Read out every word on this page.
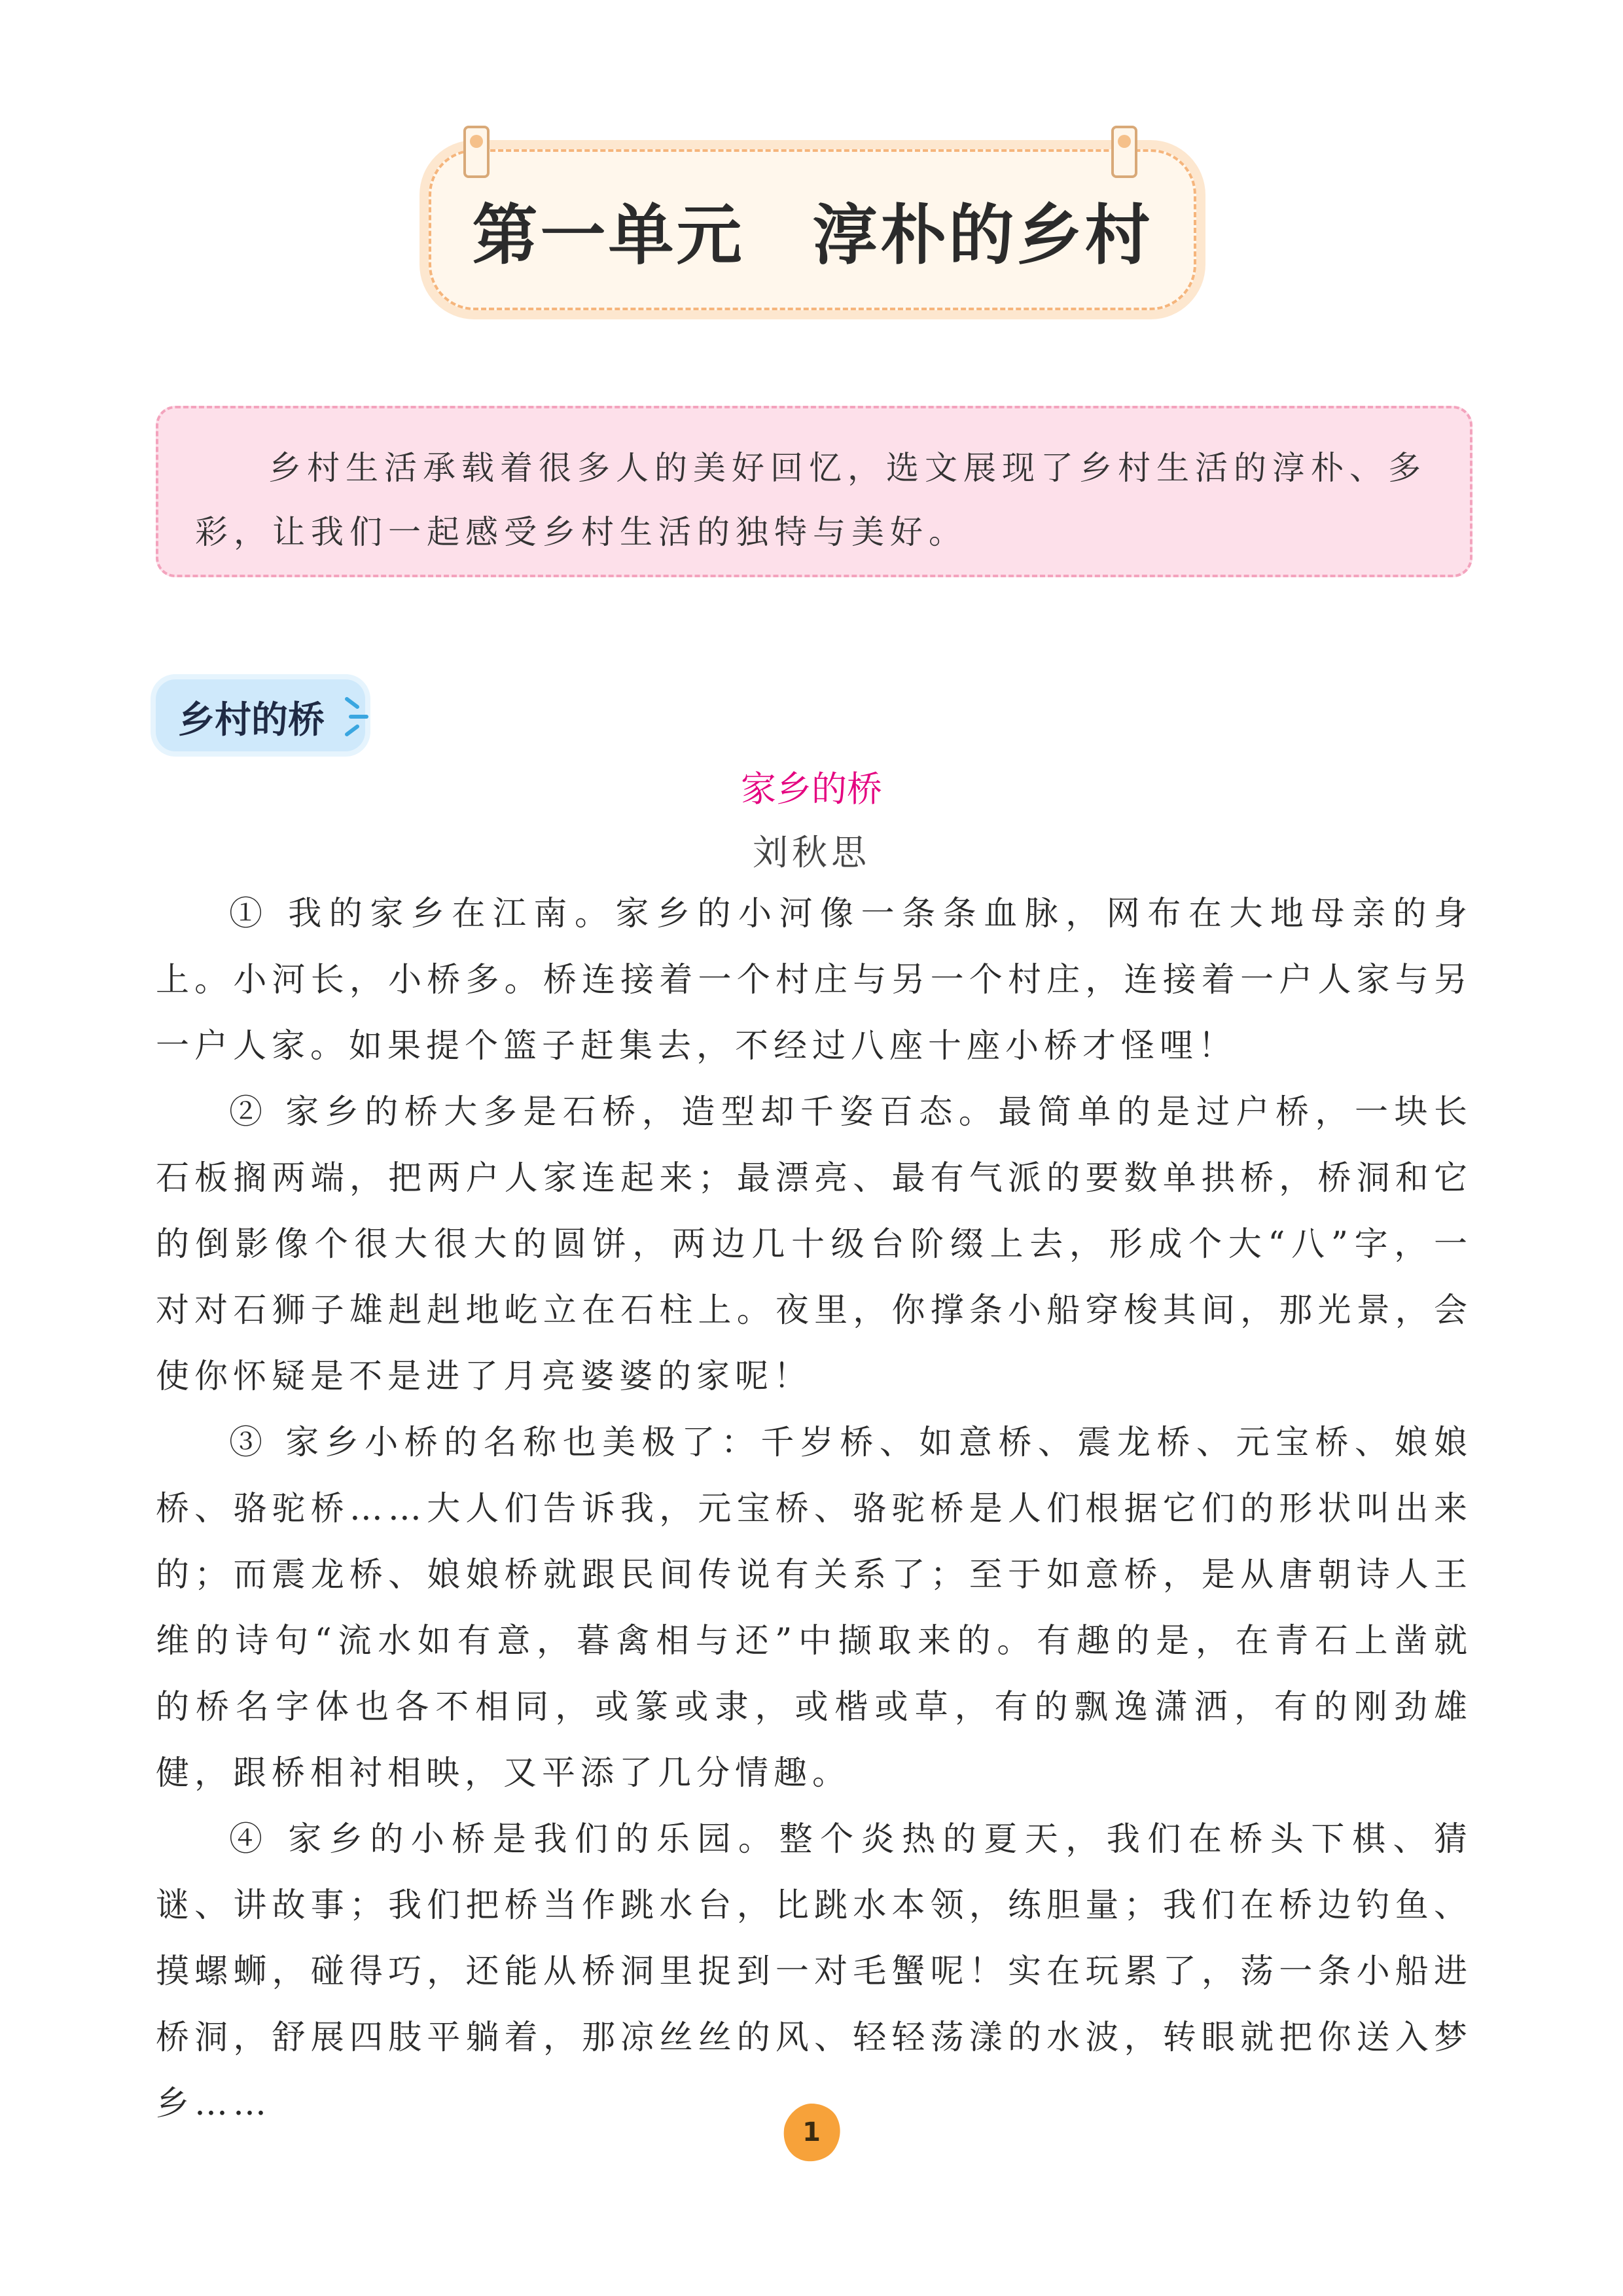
第一单元　淳朴的乡村

乡村生活承载着很多人的美好回忆，选文展现了乡村生活的淳朴、多彩，让我们一起感受乡村生活的独特与美好。

乡村的桥
家乡的桥
刘秋思

① 我的家乡在江南。家乡的小河像一条条血脉，网布在大地母亲的身上。小河长，小桥多。桥连接着一个村庄与另一个村庄，连接着一户人家与另一户人家。如果提个篮子赶集去，不经过八座十座小桥才怪哩！

② 家乡的桥大多是石桥，造型却千姿百态。最简单的是过户桥，一块长石板搁两端，把两户人家连起来；最漂亮、最有气派的要数单拱桥，桥洞和它的倒影像个很大很大的圆饼，两边几十级台阶缀上去，形成个大“八”字，一对对石狮子雄赳赳地屹立在石柱上。夜里，你撑条小船穿梭其间，那光景，会使你怀疑是不是进了月亮婆婆的家呢！

③ 家乡小桥的名称也美极了：千岁桥、如意桥、震龙桥、元宝桥、娘娘桥、骆驼桥……大人们告诉我，元宝桥、骆驼桥是人们根据它们的形状叫出来的；而震龙桥、娘娘桥就跟民间传说有关系了；至于如意桥，是从唐朝诗人王维的诗句“流水如有意，暮禽相与还”中撷取来的。有趣的是，在青石上凿就的桥名字体也各不相同，或篆或隶，或楷或草，有的飘逸潇洒，有的刚劲雄健，跟桥相衬相映，又平添了几分情趣。

④ 家乡的小桥是我们的乐园。整个炎热的夏天，我们在桥头下棋、猜谜、讲故事；我们把桥当作跳水台，比跳水本领，练胆量；我们在桥边钓鱼、摸螺蛳，碰得巧，还能从桥洞里捉到一对毛蟹呢！实在玩累了，荡一条小船进桥洞，舒展四肢平躺着，那凉丝丝的风、轻轻荡漾的水波，转眼就把你送入梦乡……

1
